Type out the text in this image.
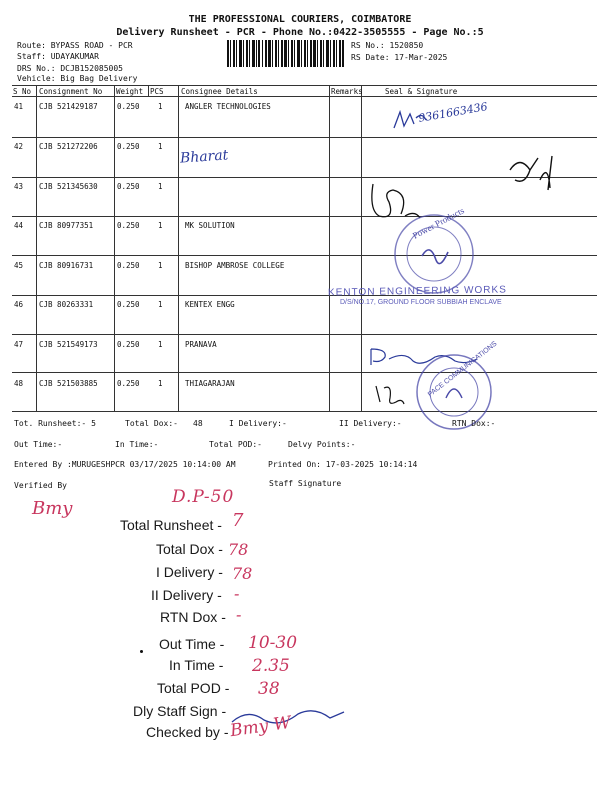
THE PROFESSIONAL COURIERS, COIMBATORE
Delivery Runsheet - PCR - Phone No.:0422-3505555 - Page No.:5
Route: BYPASS ROAD - PCR
Staff: UDAYAKUMAR
DRS No.: DCJB152085005
Vehicle: Big Bag Delivery
RS No.: 1520850
RS Date: 17-Mar-2025
S No Consignment No Weight PCS Consignee Details	Remarks	Seal & Signature
41 CJB 521429187	0.250 1	ANGLER TECHNOLOGIES
42 CJB 521272206	0.250 1
43 CJB 521345630	0.250 1
44 CJB 80977351	0.250 1	MK SOLUTION
45 CJB 80916731	0.250 1	BISHOP AMBROSE COLLEGE
46 CJB 80263331	0.250 1	KENTEX ENGG
47 CJB 521549173	0.250 1	PRANAVA
48 CJB 521503885	0.250 1	THIAGARAJAN
9361663436
Bharat
Power Products
KENTON ENGINEERING WORKS
D/S/NO.17, GROUND FLOOR SUBBIAH ENCLAVE
PACE COMMUNICATIONS
Tot. Runsheet:- 5	Total Dox:- 48	I Delivery:-	II Delivery:-	RTN Dox:-
Out Time:-	In Time:-	Total POD:-	Delvy Points:-
Entered By :MURUGESHPCR 03/17/2025 10:14:00 AM	Printed On: 17-03-2025 10:14:14
Verified By	Staff Signature
Bmy
D.P-50
Total Runsheet - 7
Total Dox - 78
I Delivery - 78
II Delivery - -
RTN Dox - -
Out Time - 10-30
In Time - 2.35
Total POD - 38
Dly Staff Sign -
Checked by - Bmy W
